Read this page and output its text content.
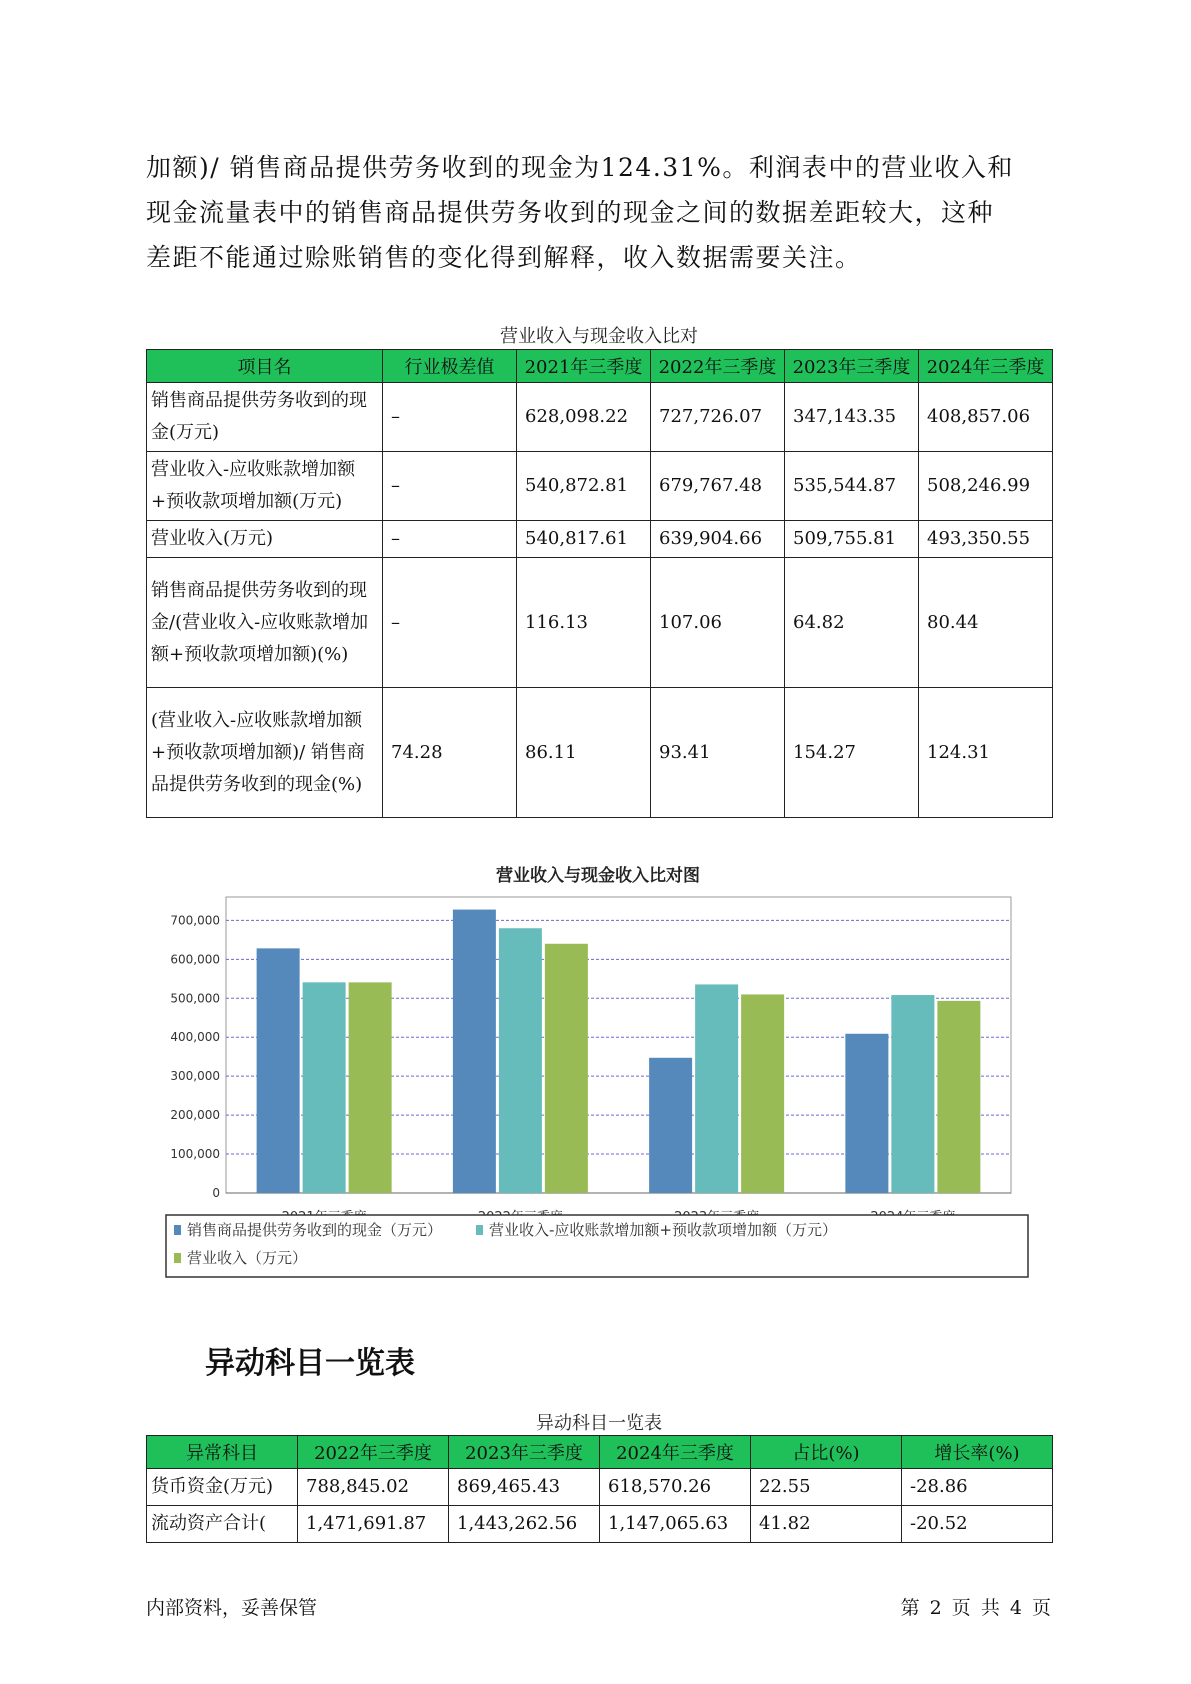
加额)/ 销售商品提供劳务收到的现金为124.31%。利润表中的营业收入和
现金流量表中的销售商品提供劳务收到的现金之间的数据差距较大，这种
差距不能通过赊账销售的变化得到解释，收入数据需要关注。
营业收入与现金收入比对
项目名	行业极差值	2021年三季度	2022年三季度	2023年三季度	2024年三季度
销售商品提供劳务收到的现金(万元)	–	628,098.22	727,726.07	347,143.35	408,857.06
营业收入-应收账款增加额+预收款项增加额(万元)	–	540,872.81	679,767.48	535,544.87	508,246.99
营业收入(万元)	–	540,817.61	639,904.66	509,755.81	493,350.55
销售商品提供劳务收到的现金/(营业收入-应收账款增加额+预收款项增加额)(%)	–	116.13	107.06	64.82	80.44
(营业收入-应收账款增加额+预收款项增加额)/ 销售商品提供劳务收到的现金(%)	74.28	86.11	93.41	154.27	124.31
营业收入与现金收入比对图
0
100,000
200,000
300,000
400,000
500,000
600,000
700,000
销售商品提供劳务收到的现金（万元）	营业收入-应收账款增加额+预收款项增加额（万元）
营业收入（万元）
异动科目一览表
异动科目一览表
异常科目	2022年三季度	2023年三季度	2024年三季度	占比(%)	增长率(%)
货币资金(万元)	788,845.02	869,465.43	618,570.26	22.55	-28.86
流动资产合计(	1,471,691.87	1,443,262.56	1,147,065.63	41.82	-20.52
内部资料，妥善保管	第 2 页 共 4 页
